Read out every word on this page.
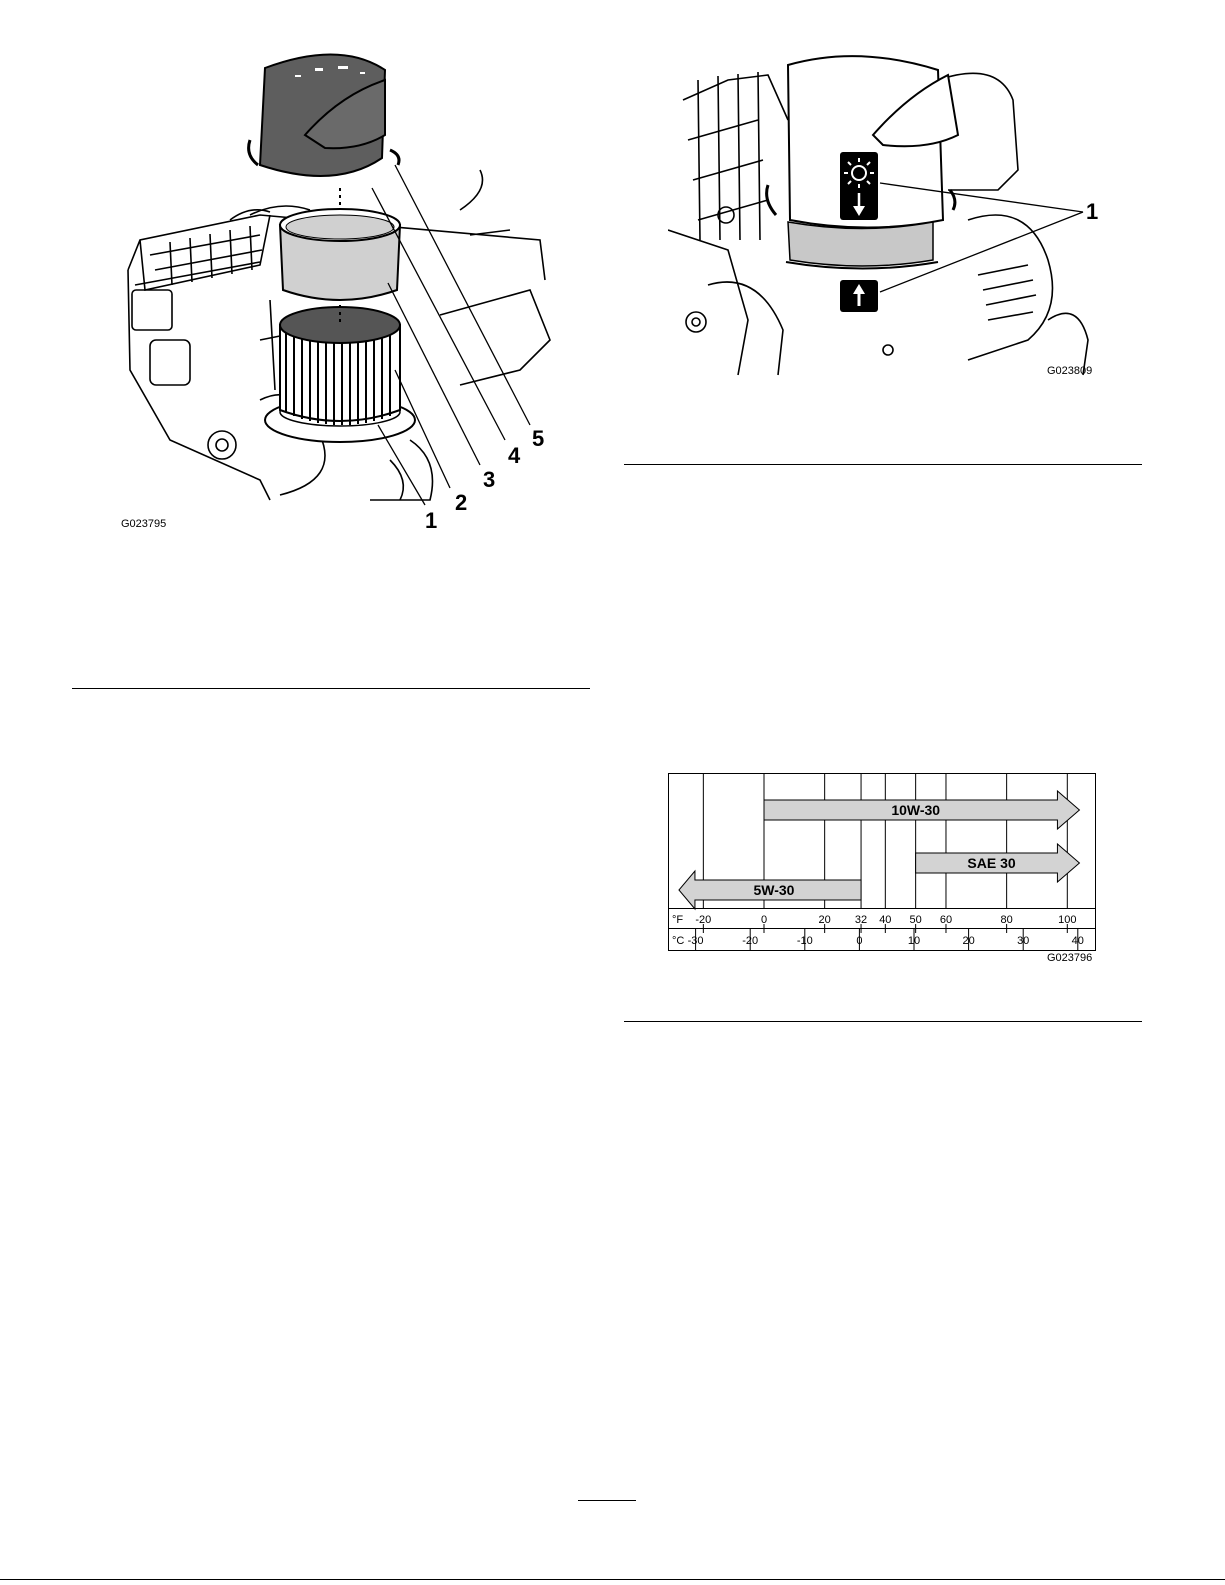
1
2
3
4
5
G023795
1
G023809
10W-30
SAE 30
5W-30
°F
°C
-20	0	20 32 40 50 60	80	100
-30	-20	-10	0	10	20	30	40
G023796
